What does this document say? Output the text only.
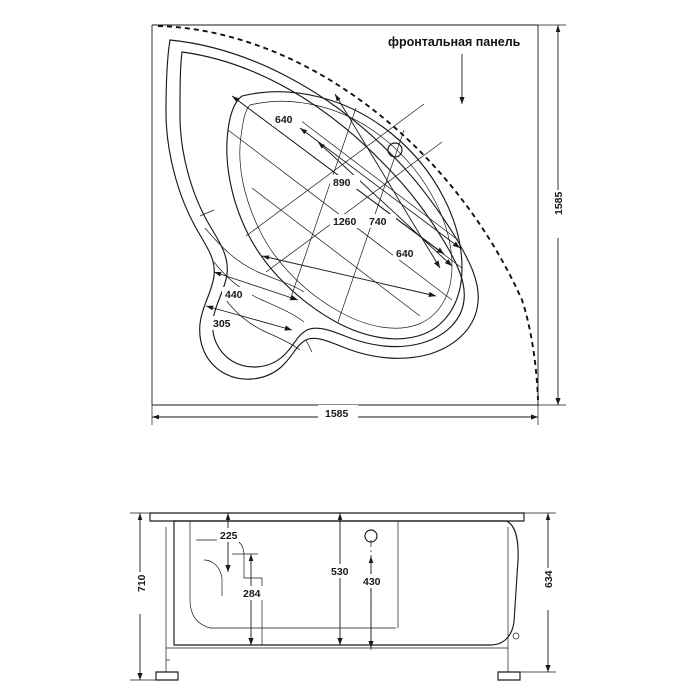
640
890
1260 740
640
440
305
1585
1585
фронтальная панель
710	634
225
284
530
430
